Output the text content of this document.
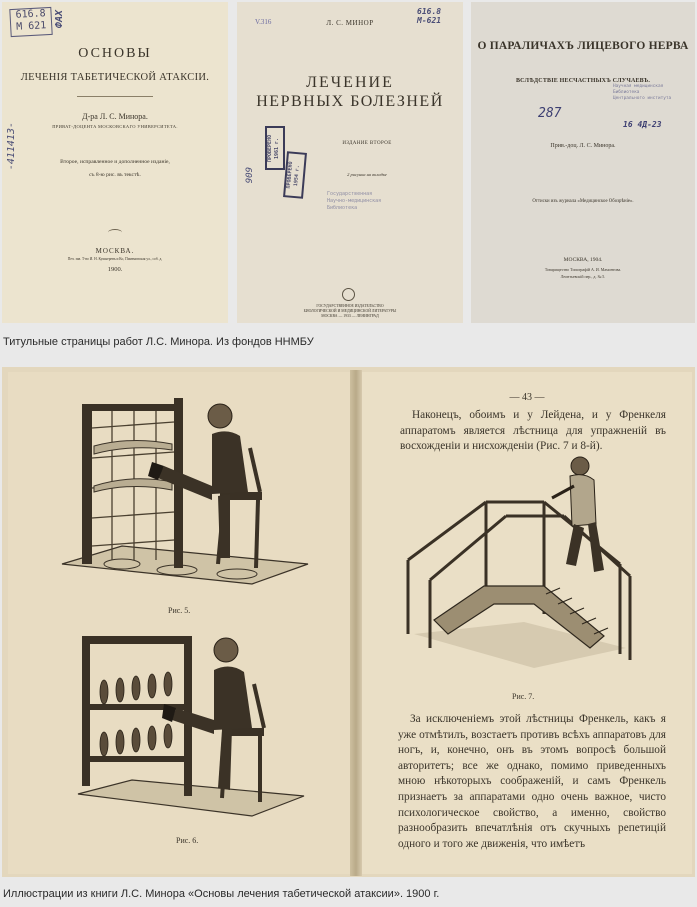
616.8
M 621 ФАХ
-411413-
ОСНОВЫ
ЛЕЧЕНІЯ ТАБЕТИЧЕСКОЙ АТАКСІИ.
Д-ра Л. С. Минора.
ПРИВАТ-ДОЦЕНТА МОСКОВСКАГО УНИВЕРСИТЕТА.
Второе, исправленное и дополненное изданіе,
съ 8-ю рис. въ текстѣ.
МОСКВА.
Печ. зав. Т-во И. Н. Кушнеревъ и Ко, Пименовская ул., соб. д.
1900.
V.316	Л. С. МИНОР
616.8
М-621
ЛЕЧЕНИЕ
НЕРВНЫХ БОЛЕЗНЕЙ
ПРОВЕРЕНО
1961 г.
ПРОВЕРЕНО
1954 г.
909
ИЗДАНИЕ ВТОРОЕ
2 рисунка на вкладке
Государственная
Научно-медицинская
Библиотека
ГОСУДАРСТВЕННОЕ ИЗДАТЕЛЬСТВО
БИОЛОГИЧЕСКОЙ И МЕДИЦИНСКОЙ ЛИТЕРАТУРЫ
МОСКВА — 1933 — ЛЕНИНГРАД
О ПАРАЛИЧАХЪ ЛИЦЕВОГО НЕРВА
ВСЛѢДСТВІЕ НЕСЧАСТНЫХЪ СЛУЧАЕВЪ.
Научная медицинская
Библиотека
Центрального института
287
16 4Д-23
Прив.-доц. Л. С. Минора.
Оттиски изъ журнала «Медицинское Обозрѣніе».
МОСКВА, 1904.
Товарищество Типографій А. И. Мамонтова.
Леонтьевскій пер., д. № 5.
Титульные страницы работ Л.С. Минора. Из фондов ННМБУ
Рис. 5.
Рис. 6.
— 43 —
Наконецъ, обоимъ и у Лейдена, и у Френкеля аппаратомъ является лѣстница для упражненій въ восхожденіи и нисхожденіи (Рис. 7 и 8-й).
Рис. 7.
За исключеніемъ этой лѣстницы Френкель, какъ я уже отмѣтилъ, возстаетъ противъ всѣхъ аппаратовъ для ногъ, и, конечно, онъ въ этомъ вопросѣ большой авторитетъ; все же однако, помимо приведенныхъ мною нѣкоторыхъ соображеній, и самъ Френкель признаетъ за аппаратами одно очень важное, чисто психологическое свойство, а именно, свойство разнообразить впечатлѣнія отъ скучныхъ репетицій одного и того же движенія, что имѣетъ
Иллюстрации из книги Л.С. Минора «Основы лечения табетической атаксии». 1900 г.
